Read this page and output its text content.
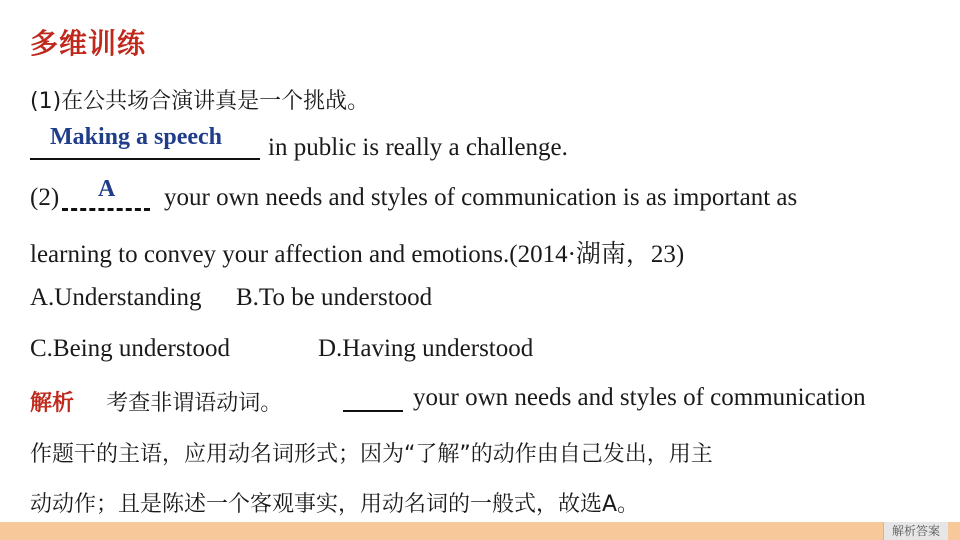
多维训练
(1)在公共场合演讲真是一个挑战。
Making a speech in public is really a challenge.
(2) A your own needs and styles of communication is as important as
learning to convey your affection and emotions.(2014·湖南，23)
A.Understanding B.To be understood
C.Being understood	D.Having understood
解析 考查非谓语动词。	your own needs and styles of communication
作题干的主语，应用动名词形式；因为“了解”的动作由自己发出，用主
动动作；且是陈述一个客观事实，用动名词的一般式，故选A。
解析答案
